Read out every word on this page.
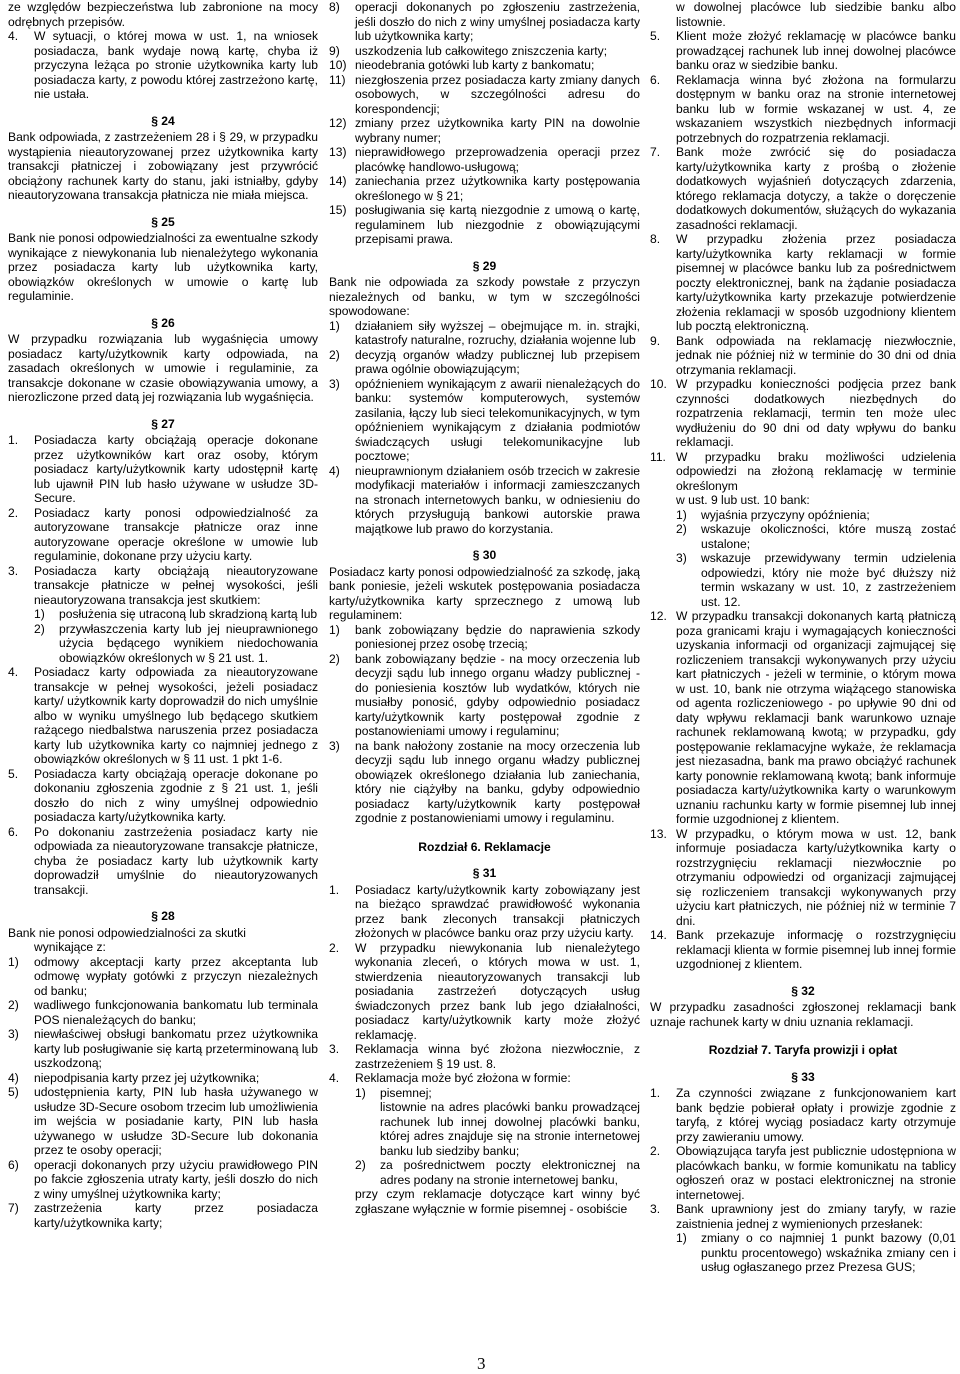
ze względów bezpieczeństwa lub zabronione na mocy odrębnych przepisów.
4.	W sytuacji, o której mowa w ust. 1, na wniosek posiadacza, bank wydaje nową kartę, chyba iż przyczyna leżąca po stronie użytkownika karty lub posiadacza karty, z powodu której zastrzeżono kartę, nie ustała.
§ 24
Bank odpowiada, z zastrzeżeniem 28 i § 29, w przypadku wystąpienia nieautoryzowanej przez użytkownika karty transakcji płatniczej i zobowiązany jest przywrócić obciążony rachunek karty do stanu, jaki istniałby, gdyby nieautoryzowana transakcja płatnicza nie miała miejsca.
§ 25
Bank nie ponosi odpowiedzialności za ewentualne szkody wynikające z niewykonania lub nienależytego wykonania przez posiadacza karty lub użytkownika karty, obowiązków określonych w umowie o kartę lub regulaminie.
§ 26
W przypadku rozwiązania lub wygaśnięcia umowy posiadacz karty/użytkownik karty odpowiada, na zasadach określonych w umowie i regulaminie, za transakcje dokonane w czasie obowiązywania umowy, a nierozliczone przed datą jej rozwiązania lub wygaśnięcia.
§ 27
1.	Posiadacza karty obciążają operacje dokonane przez użytkowników kart oraz osoby, którym posiadacz karty/użytkownik karty udostępnił kartę lub ujawnił PIN lub hasło używane w usłudze 3D-Secure.
2.	Posiadacz karty ponosi odpowiedzialność za autoryzowane transakcje płatnicze oraz inne autoryzowane operacje określone w umowie lub regulaminie, dokonane przy użyciu karty.
3.	Posiadacza karty obciążają nieautoryzowane transakcje płatnicze w pełnej wysokości, jeśli nieautoryzowana transakcja jest skutkiem:
1)	posłużenia się utraconą lub skradzioną kartą lub
2)	przywłaszczenia karty lub jej nieuprawnionego użycia będącego wynikiem niedochowania obowiązków określonych w § 21 ust. 1.
4.	Posiadacz karty odpowiada za nieautoryzowane transakcje w pełnej wysokości, jeżeli posiadacz karty/ użytkownik karty doprowadził do nich umyślnie albo w wyniku umyślnego lub będącego skutkiem rażącego niedbalstwa naruszenia przez posiadacza karty lub użytkownika karty co najmniej jednego z obowiązków określonych w § 11 ust. 1 pkt 1-6.
5.	Posiadacza karty obciążają operacje dokonane po dokonaniu zgłoszenia zgodnie z § 21 ust. 1, jeśli doszło do nich z winy umyślnej odpowiednio posiadacza karty/użytkownika karty.
6.	Po dokonaniu zastrzeżenia posiadacz karty nie odpowiada za nieautoryzowane transakcje płatnicze, chyba że posiadacz karty lub użytkownik karty doprowadził umyślnie do nieautoryzowanych transakcji.
§ 28
Bank nie ponosi odpowiedzialności za skutki
wynikające z:
1)	odmowy akceptacji karty przez akceptanta lub odmowę wypłaty gotówki z przyczyn niezależnych od banku;
2)	wadliwego funkcjonowania bankomatu lub terminala POS nienależących do banku;
3)	niewłaściwej obsługi bankomatu przez użytkownika karty lub posługiwanie się kartą przeterminowaną lub uszkodzoną;
4)	niepodpisania karty przez jej użytkownika;
5)	udostępnienia karty, PIN lub hasła używanego w usłudze 3D-Secure osobom trzecim lub umożliwienia im wejścia w posiadanie karty, PIN lub hasła używanego w usłudze 3D-Secure lub dokonania przez te osoby operacji;
6)	operacji dokonanych przy użyciu prawidłowego PIN po fakcie zgłoszenia utraty karty, jeśli doszło do nich z winy umyślnej użytkownika karty;
7)	zastrzeżenia karty przez posiadacza karty/użytkownika karty;
8)	operacji dokonanych po zgłoszeniu zastrzeżenia, jeśli doszło do nich z winy umyślnej posiadacza karty lub użytkownika karty;
9)	uszkodzenia lub całkowitego zniszczenia karty;
10) nieodebrania gotówki lub karty z bankomatu;
11) niezgłoszenia przez posiadacza karty zmiany danych osobowych, w szczególności adresu do korespondencji;
12) zmiany przez użytkownika karty PIN na dowolnie wybrany numer;
13) nieprawidłowego przeprowadzenia operacji przez placówkę handlowo-usługową;
14) zaniechania przez użytkownika karty postępowania określonego w § 21;
15) posługiwania się kartą niezgodnie z umową o kartę, regulaminem lub niezgodnie z obowiązującymi przepisami prawa.
§ 29
Bank nie odpowiada za szkody powstałe z przyczyn niezależnych od banku, w tym w szczególności spowodowane:
1)	działaniem siły wyższej – obejmujące m. in. strajki, katastrofy naturalne, rozruchy, działania wojenne lub
2)	decyzją organów władzy publicznej lub przepisem prawa ogólnie obowiązującym;
3)	opóźnieniem wynikającym z awarii nienależących do banku: systemów komputerowych, systemów zasilania, łączy lub sieci telekomunikacyjnych, w tym opóźnieniem wynikającym z działania podmiotów świadczących usługi telekomunikacyjne lub pocztowe;
4)	nieuprawnionym działaniem osób trzecich w zakresie modyfikacji materiałów i informacji zamieszczanych na stronach internetowych banku, w odniesieniu do których przysługują bankowi autorskie prawa majątkowe lub prawo do korzystania.
§ 30
Posiadacz karty ponosi odpowiedzialność za szkodę, jaką bank poniesie, jeżeli wskutek postępowania posiadacza karty/użytkownika karty sprzecznego z umową lub regulaminem:
1)	bank zobowiązany będzie do naprawienia szkody poniesionej przez osobę trzecią;
2)	bank zobowiązany będzie - na mocy orzeczenia lub decyzji sądu lub innego organu władzy publicznej - do poniesienia kosztów lub wydatków, których nie musiałby ponosić, gdyby odpowiednio posiadacz karty/użytkownik karty postępował zgodnie z postanowieniami umowy i regulaminu;
3)	na bank nałożony zostanie na mocy orzeczenia lub decyzji sądu lub innego organu władzy publicznej obowiązek określonego działania lub zaniechania, który nie ciążyłby na banku, gdyby odpowiednio posiadacz karty/użytkownik karty postępował zgodnie z postanowieniami umowy i regulaminu.
Rozdział 6. Reklamacje
§ 31
1.	Posiadacz karty/użytkownik karty zobowiązany jest na bieżąco sprawdzać prawidłowość wykonania przez bank zleconych transakcji płatniczych złożonych w placówce banku oraz przy użyciu karty.
2.	W przypadku niewykonania lub nienależytego wykonania zleceń, o których mowa w ust. 1, stwierdzenia nieautoryzowanych transakcji lub posiadania zastrzeżeń dotyczących usług świadczonych przez bank lub jego działalności, posiadacz karty/użytkownik karty może złożyć reklamację.
3.	Reklamacja winna być złożona niezwłocznie, z zastrzeżeniem § 19 ust. 8.
4.	Reklamacja może być złożona w formie:
1)	pisemnej;
listownie na adres placówki banku prowadzącej rachunek lub innej dowolnej placówki banku, której adres znajduje się na stronie internetowej banku lub siedziby banku;
2)	za pośrednictwem poczty elektronicznej na adres podany na stronie internetowej banku,
przy czym reklamacje dotyczące kart winny być zgłaszane wyłącznie w formie pisemnej - osobiście
w dowolnej placówce lub siedzibie banku albo listownie.
5.	Klient może złożyć reklamację w placówce banku prowadzącej rachunek lub innej dowolnej placówce banku oraz w siedzibie banku.
6.	Reklamacja winna być złożona na formularzu dostępnym w banku oraz na stronie internetowej banku lub w formie wskazanej w ust. 4, ze wskazaniem wszystkich niezbędnych informacji potrzebnych do rozpatrzenia reklamacji.
7.	Bank może zwrócić się do posiadacza karty/użytkownika karty z prośbą o złożenie dodatkowych wyjaśnień dotyczących zdarzenia, którego reklamacja dotyczy, a także o doręczenie dodatkowych dokumentów, służących do wykazania zasadności reklamacji.
8.	W przypadku złożenia przez posiadacza karty/użytkownika karty reklamacji w formie pisemnej w placówce banku lub za pośrednictwem poczty elektronicznej, bank na żądanie posiadacza karty/użytkownika karty przekazuje potwierdzenie złożenia reklamacji w sposób uzgodniony klientem lub pocztą elektroniczną.
9.	Bank odpowiada na reklamację niezwłocznie, jednak nie później niż w terminie do 30 dni od dnia otrzymania reklamacji.
10. W przypadku konieczności podjęcia przez bank czynności dodatkowych niezbędnych do rozpatrzenia reklamacji, termin ten może ulec wydłużeniu do 90 dni od daty wpływu do banku reklamacji.
11. W przypadku braku możliwości udzielenia odpowiedzi na złożoną reklamację w terminie określonym
w ust. 9 lub ust. 10 bank:
1)	wyjaśnia przyczyny opóźnienia;
2)	wskazuje okoliczności, które muszą zostać ustalone;
3)	wskazuje przewidywany termin udzielenia odpowiedzi, który nie może być dłuższy niż termin wskazany w ust. 10, z zastrzeżeniem ust. 12.
12. W przypadku transakcji dokonanych kartą płatniczą poza granicami kraju i wymagających konieczności uzyskania informacji od organizacji zajmującej się rozliczeniem transakcji wykonywanych przy użyciu kart płatniczych - jeżeli w terminie, o którym mowa w ust. 10, bank nie otrzyma wiążącego stanowiska od agenta rozliczeniowego - po upływie 90 dni od daty wpływu reklamacji bank warunkowo uznaje rachunek reklamowaną kwotą; w przypadku, gdy postępowanie reklamacyjne wykaże, że reklamacja jest niezasadna, bank ma prawo obciążyć rachunek karty ponownie reklamowaną kwotą; bank informuje posiadacza karty/użytkownika karty o warunkowym uznaniu rachunku karty w formie pisemnej lub innej formie uzgodnionej z klientem.
13. W przypadku, o którym mowa w ust. 12, bank informuje posiadacza karty/użytkownika karty o rozstrzygnięciu reklamacji niezwłocznie po otrzymaniu odpowiedzi od organizacji zajmującej się rozliczeniem transakcji wykonywanych przy użyciu kart płatniczych, nie później niż w terminie 7 dni.
14. Bank przekazuje informację o rozstrzygnięciu reklamacji klienta w formie pisemnej lub innej formie uzgodnionej z klientem.
§ 32
W przypadku zasadności zgłoszonej reklamacji bank uznaje rachunek karty w dniu uznania reklamacji.
Rozdział 7. Taryfa prowizji i opłat
§ 33
1.	Za czynności związane z funkcjonowaniem kart bank będzie pobierał opłaty i prowizje zgodnie z taryfą, z której wyciąg posiadacz karty otrzymuje przy zawieraniu umowy.
2.	Obowiązująca taryfa jest publicznie udostępniona w placówkach banku, w formie komunikatu na tablicy ogłoszeń oraz w postaci elektronicznej na stronie internetowej.
3.	Bank uprawniony jest do zmiany taryfy, w razie zaistnienia jednej z wymienionych przesłanek:
1)	zmiany o co najmniej 1 punkt bazowy (0,01 punktu procentowego) wskaźnika zmiany cen i usług ogłaszanego przez Prezesa GUS;
3
